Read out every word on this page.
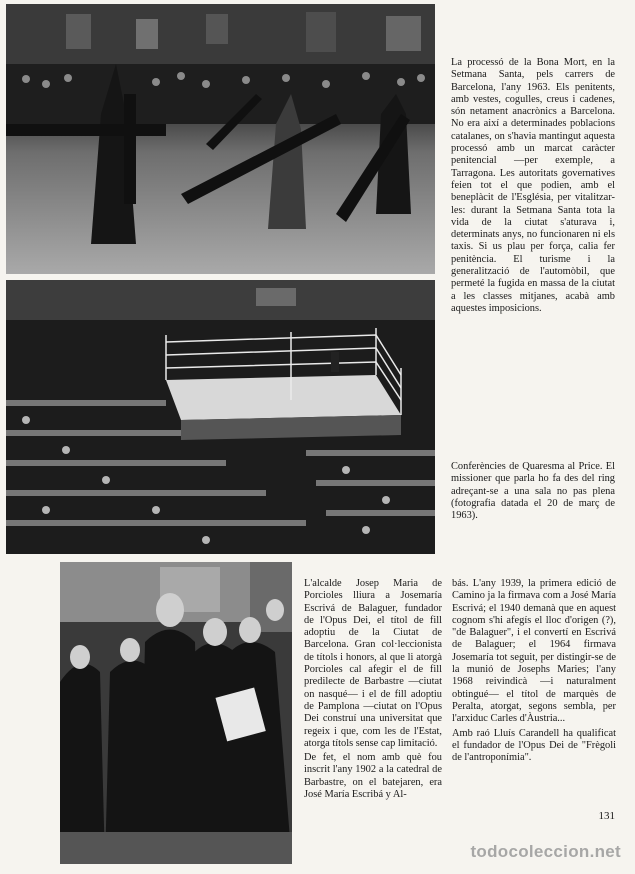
La processó de la Bona Mort, en la Setmana Santa, pels carrers de Barcelona, l'any 1963. Els penitents, amb vestes, cogulles, creus i cadenes, són netament anacrònics a Barcelona. No era així a determinades poblacions catalanes, on s'havia mantingut aquesta processó amb un marcat caràcter penitencial —per exemple, a Tarragona. Les autoritats governatives feien tot el que podien, amb el beneplàcit de l'Església, per vitalitzar-les: durant la Setmana Santa tota la vida de la ciutat s'aturava i, determinats anys, no funcionaren ni els taxis. Si us plau per força, calia fer penitència. El turisme i la generalització de l'automòbil, que permeté la fugida en massa de la ciutat a les classes mitjanes, acabà amb aquestes imposicions.

Conferències de Quaresma al Price. El missioner que parla ho fa des del ring adreçant-se a una sala no pas plena (fotografia datada el 20 de març de 1963).

L'alcalde Josep Maria de Porcioles lliura a Josemaría Escrivá de Balaguer, fundador de l'Opus Dei, el títol de fill adoptiu de la Ciutat de Barcelona. Gran col·leccionista de títols i honors, al que li atorgà Porcioles cal afegir el de fill predilecte de Barbastre —ciutat on nasqué— i el de fill adoptiu de Pamplona —ciutat on l'Opus Dei construí una universitat que regeix i que, com les de l'Estat, atorga títols sense cap limitació.

De fet, el nom amb què fou inscrit l'any 1902 a la catedral de Barbastre, on el batejaren, era José María Escribá y Al-

bás. L'any 1939, la primera edició de Camino ja la firmava com a José María Escrivá; el 1940 demanà que en aquest cognom s'hi afegís el lloc d'origen (?), "de Balaguer", i el convertí en Escrivá de Balaguer; el 1964 firmava Josemaría tot seguit, per distingir-se de la munió de Josephs Maries; l'any 1968 reivindicà —i naturalment obtingué— el títol de marquès de Peralta, atorgat, segons sembla, per l'arxiduc Carles d'Àustria...

Amb raó Lluís Carandell ha qualificat el fundador de l'Opus Dei de "Frègoli de l'antroponímia".

131
todocoleccion.net
